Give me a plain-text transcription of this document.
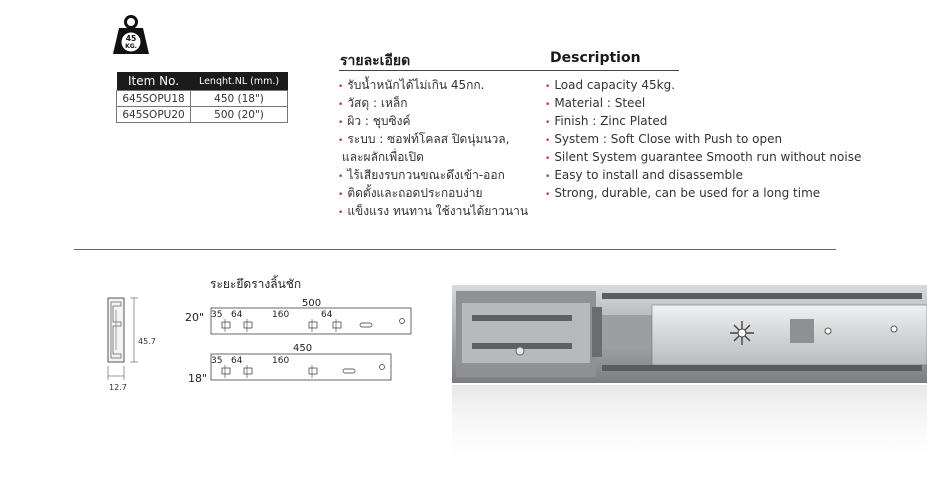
45
KG.
Item No.	Lenqht.NL (mm.)
645SOPU18	450 (18")
645SOPU20	500 (20")
รายละเอียด	Description
• รับน้ำหนักได้ไม่เกิน 45กก.
• วัสดุ : เหล็ก
• ผิว : ชุบซิงค์
• ระบบ : ซอฟท์โคลส ปิดนุ่มนวล,
และผลักเพื่อเปิด
• ไร้เสียงรบกวนขณะดึงเข้า-ออก
• ติดตั้งและถอดประกอบง่าย
• แข็งแรง ทนทาน ใช้งานได้ยาวนาน
• Load capacity 45kg.
• Material : Steel
• Finish : Zinc Plated
• System : Soft Close with Push to open
• Silent System guarantee Smooth run without noise
• Easy to install and disassemble
• Strong, durable, can be used for a long time
ระยะยึดรางลิ้นชัก
45.7
12.7
500
20" 35 64	160	64
450
18"
35 64	160
